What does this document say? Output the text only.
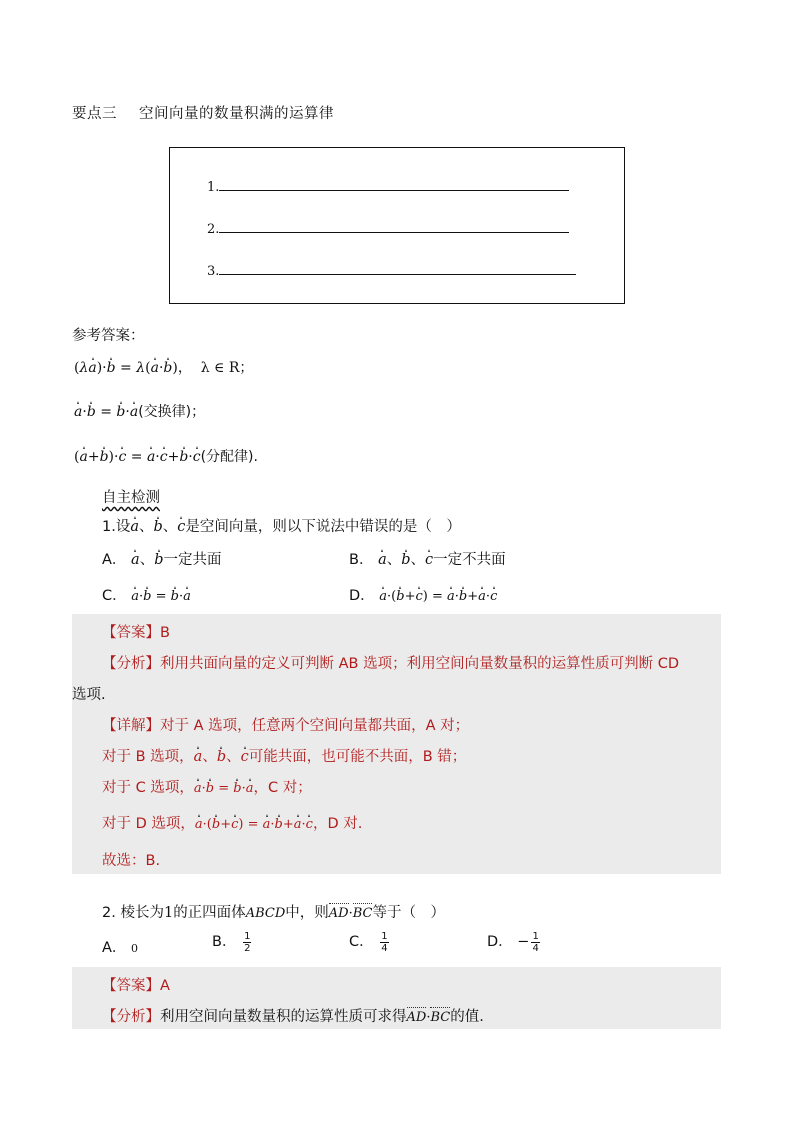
要点三 空间向量的数量积满的运算律
1.
2.
3.
参考答案：
(λa)·b = λ(a·b)， λ ∈ R；
a·b = b·a(交换律)；
(a+b)·c = a·c+b·c(分配律).
自主检测
1.设a、b、c是空间向量，则以下说法中错误的是（　）
A． a、b一定共面	B． a、b、c一定不共面
C． a·b = b·a	D． a·(b+c) = a·b+a·c
【答案】B
【分析】利用共面向量的定义可判断 AB 选项；利用空间向量数量积的运算性质可判断 CD
选项.
【详解】对于 A 选项，任意两个空间向量都共面，A 对；
对于 B 选项，a、b、c可能共面，也可能不共面，B 错；
对于 C 选项，a·b = b·a，C 对；
对于 D 选项，a·(b+c) = a·b+a·c，D 对.
故选：B.
2. 棱长为1的正四面体ABCD中，则AD·BC等于（　）
A． 0	B． $\frac{1}{2}$	C． $\frac{1}{4}$	D． − $\frac{1}{4}$
【答案】A
【分析】利用空间向量数量积的运算性质可求得AD·BC的值.
